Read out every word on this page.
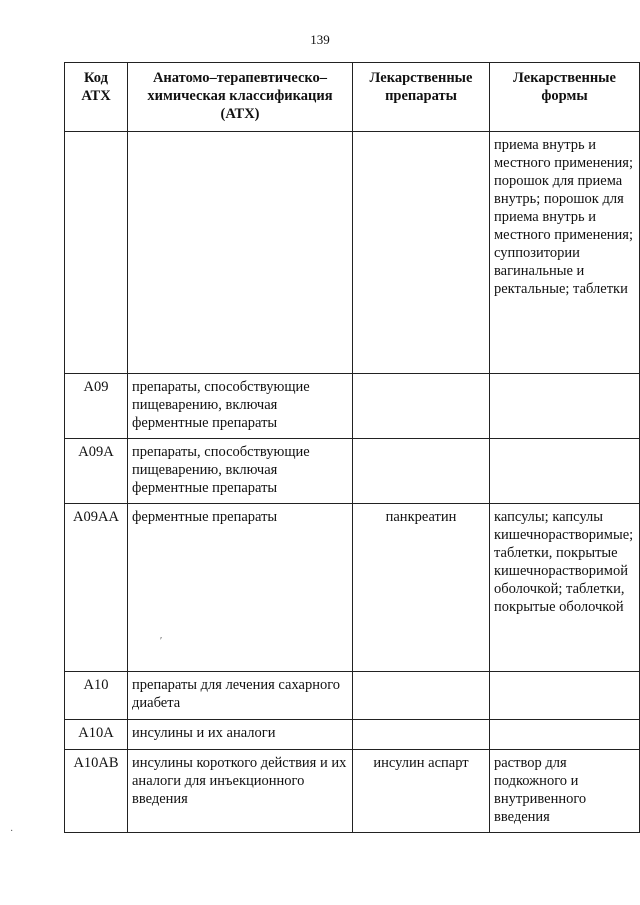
139
Код АТХ	Анатомо–терапевтическо–химическая классификация (АТХ)	Лекарственные препараты	Лекарственные формы
			приема внутрь и местного применения; порошок для приема внутрь; порошок для приема внутрь и местного применения; суппозитории вагинальные и ректальные; таблетки
A09	препараты, способствующие пищеварению, включая ферментные препараты		
A09A	препараты, способствующие пищеварению, включая ферментные препараты		
A09AA	ферментные препараты	панкреатин	капсулы; капсулы кишечнорастворимые; таблетки, покрытые кишечнорастворимой оболочкой; таблетки, покрытые оболочкой
A10	препараты для лечения сахарного диабета		
A10A	инсулины и их аналоги		
A10AB	инсулины короткого действия и их аналоги для инъекционного введения	инсулин аспарт	раствор для подкожного и внутривенного введения
ʹ
·
